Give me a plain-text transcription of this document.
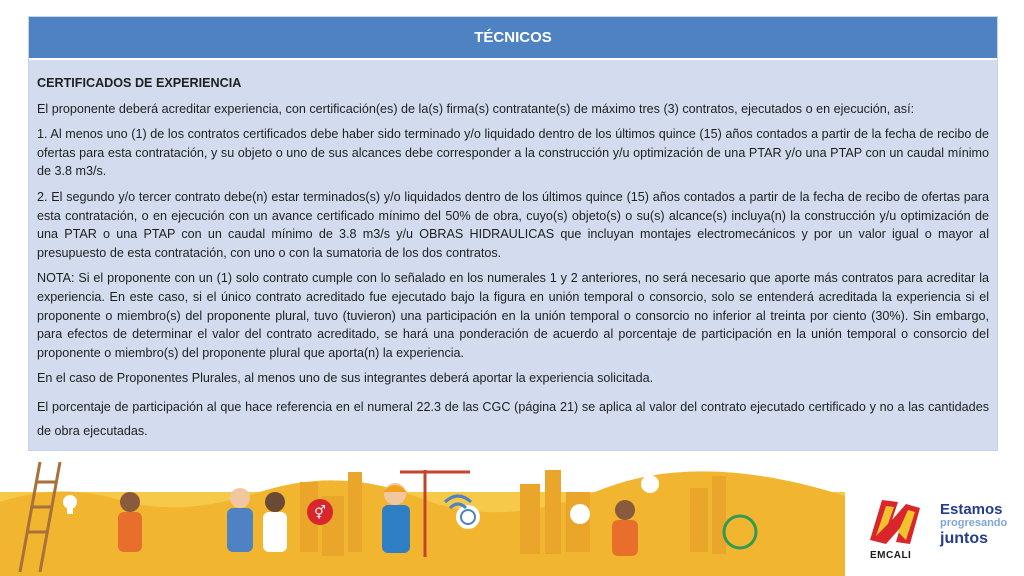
TÉCNICOS

CERTIFICADOS DE EXPERIENCIA

El proponente deberá acreditar experiencia, con certificación(es) de la(s) firma(s) contratante(s) de máximo tres (3) contratos, ejecutados o en ejecución, así:

1. Al menos uno (1) de los contratos certificados debe haber sido terminado y/o liquidado dentro de los últimos quince (15) años contados a partir de la fecha de recibo de ofertas para esta contratación, y su objeto o uno de sus alcances debe corresponder a la construcción y/u optimización de una PTAR y/o una PTAP con un caudal mínimo de 3.8 m3/s.

2. El segundo y/o tercer contrato debe(n) estar terminados(s) y/o liquidados dentro de los últimos quince (15) años contados a partir de la fecha de recibo de ofertas para esta contratación, o en ejecución con un avance certificado mínimo del 50% de obra, cuyo(s) objeto(s) o su(s) alcance(s) incluya(n) la construcción y/u optimización de una PTAR o una PTAP con un caudal mínimo de 3.8 m3/s y/u OBRAS HIDRAULICAS que incluyan montajes electromecánicos y por un valor igual o mayor al presupuesto de esta contratación, con uno o con la sumatoria de los dos contratos.

NOTA: Si el proponente con un (1) solo contrato cumple con lo señalado en los numerales 1 y 2 anteriores, no será necesario que aporte más contratos para acreditar la experiencia. En este caso, si el único contrato acreditado fue ejecutado bajo la figura en unión temporal o consorcio, solo se entenderá acreditada la experiencia si el proponente o miembro(s) del proponente plural, tuvo (tuvieron) una participación en la unión temporal o consorcio no inferior al treinta por ciento (30%). Sin embargo, para efectos de determinar el valor del contrato acreditado, se hará una ponderación de acuerdo al porcentaje de participación en la unión temporal o consorcio del proponente o miembro(s) del proponente plural que aporta(n) la experiencia.

En el caso de Proponentes Plurales, al menos uno de sus integrantes deberá aportar la experiencia solicitada.

El porcentaje de participación al que hace referencia en el numeral 22.3 de las CGC (página 21) se aplica al valor del contrato ejecutado certificado y no a las cantidades de obra ejecutadas.

⚥	Estamos
progresando
juntos
EMCALI
